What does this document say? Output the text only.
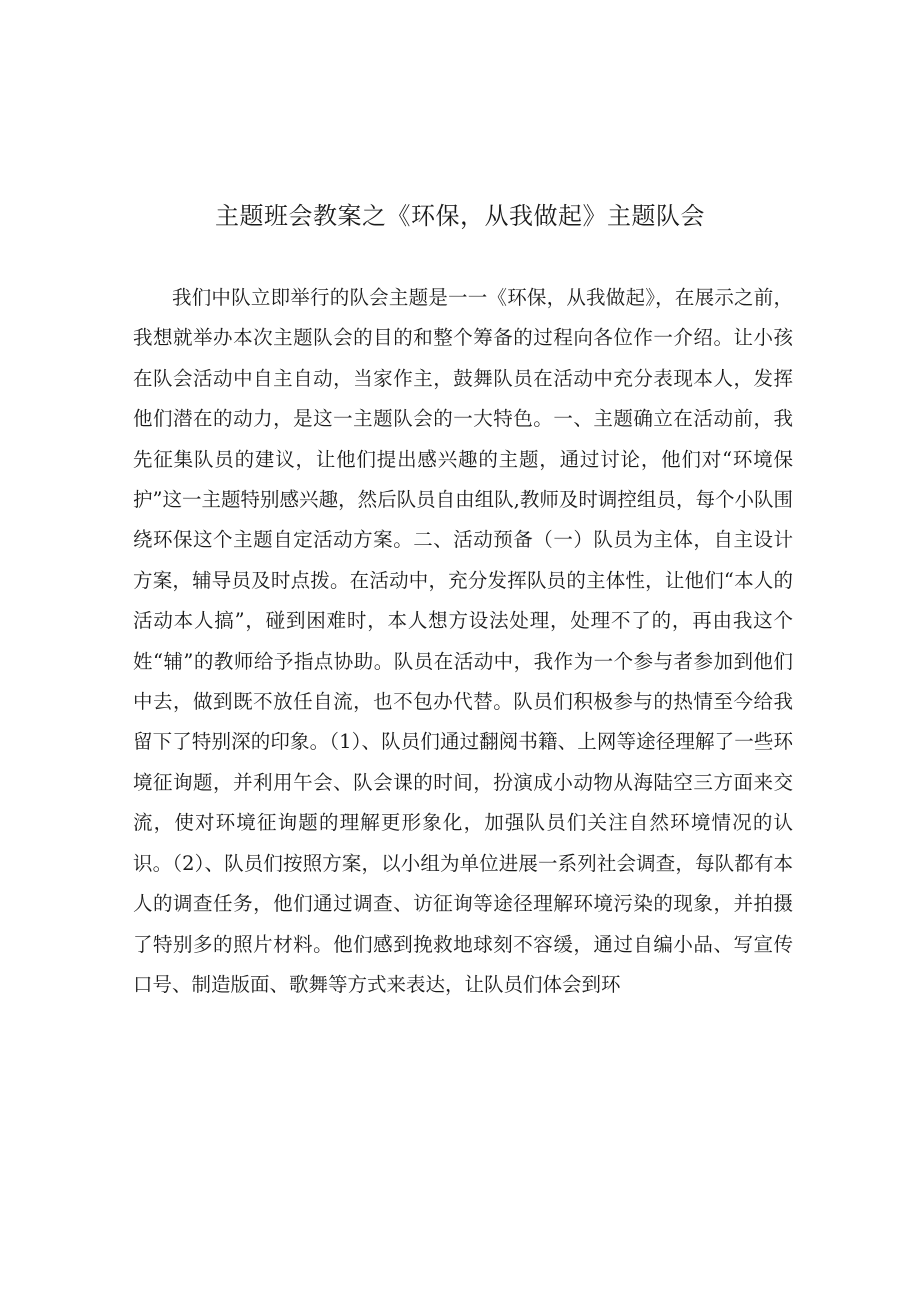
主题班会教案之《环保，从我做起》主题队会

我们中队立即举行的队会主题是一一《环保，从我做起》，在展示之前，我想就举办本次主题队会的目的和整个筹备的过程向各位作一介绍。让小孩在队会活动中自主自动，当家作主，鼓舞队员在活动中充分表现本人，发挥他们潜在的动力，是这一主题队会的一大特色。一、主题确立在活动前，我先征集队员的建议，让他们提出感兴趣的主题，通过讨论，他们对“环境保护”这一主题特别感兴趣，然后队员自由组队,教师及时调控组员，每个小队围绕环保这个主题自定活动方案。二、活动预备（一）队员为主体，自主设计方案，辅导员及时点拨。在活动中，充分发挥队员的主体性，让他们“本人的活动本人搞”，碰到困难时，本人想方设法处理，处理不了的，再由我这个姓“辅”的教师给予指点协助。队员在活动中，我作为一个参与者参加到他们中去，做到既不放任自流，也不包办代替。队员们积极参与的热情至今给我留下了特别深的印象。（1）、队员们通过翻阅书籍、上网等途径理解了一些环境征询题，并利用午会、队会课的时间，扮演成小动物从海陆空三方面来交流，使对环境征询题的理解更形象化，加强队员们关注自然环境情况的认识。（2）、队员们按照方案，以小组为单位进展一系列社会调查，每队都有本人的调查任务，他们通过调查、访征询等途径理解环境污染的现象，并拍摄了特别多的照片材料。他们感到挽救地球刻不容缓，通过自编小品、写宣传口号、制造版面、歌舞等方式来表达，让队员们体会到环
